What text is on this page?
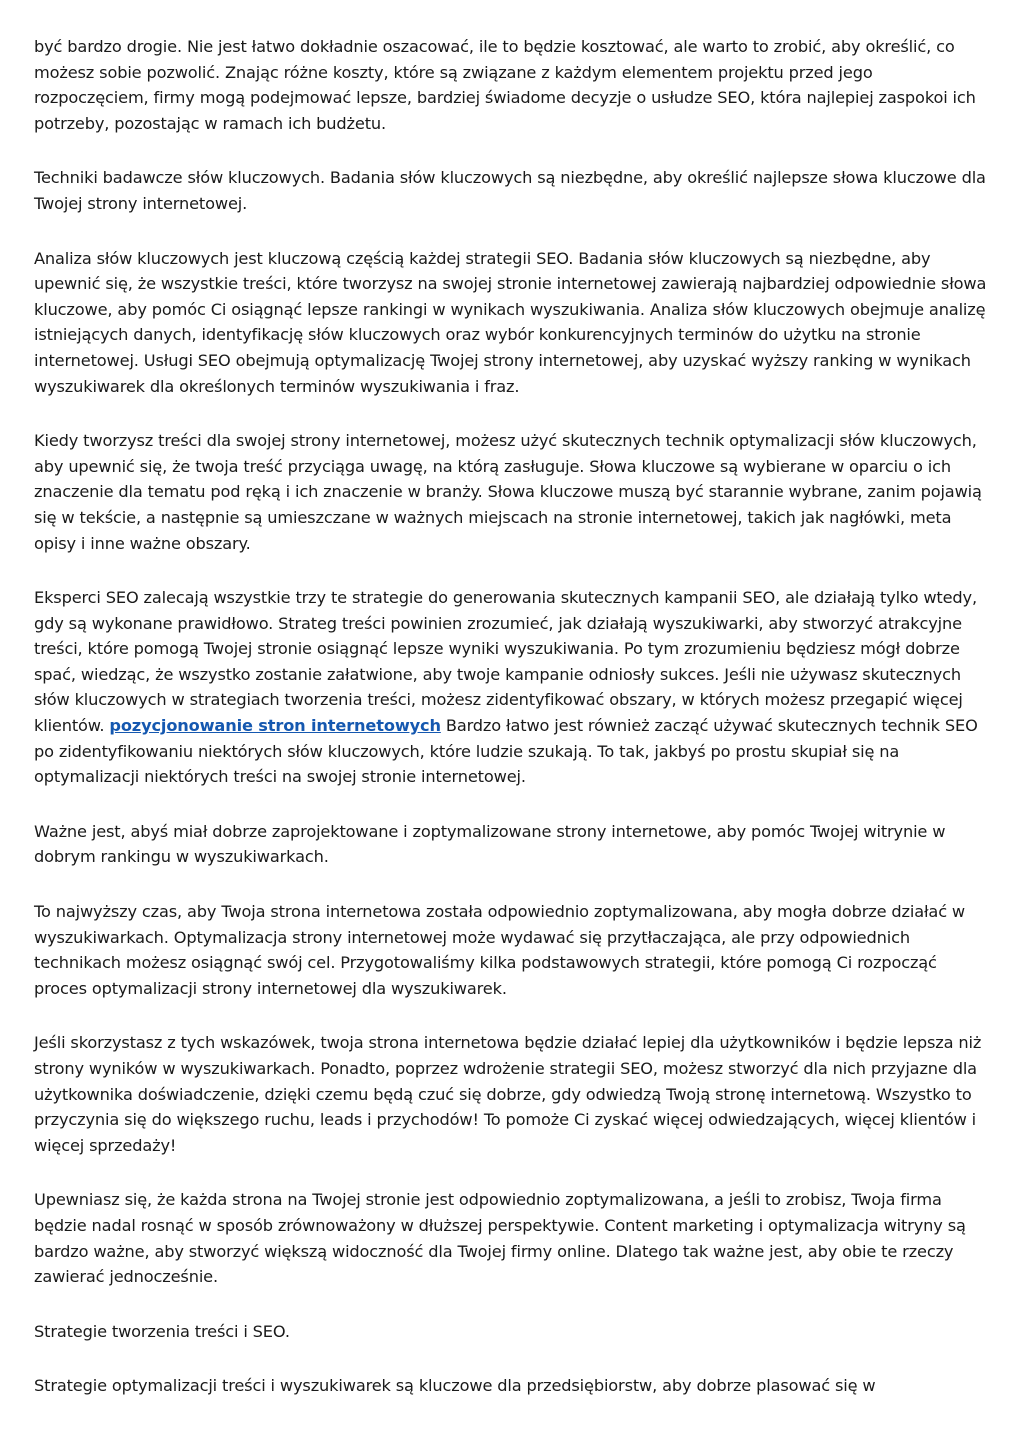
być bardzo drogie. Nie jest łatwo dokładnie oszacować, ile to będzie kosztować, ale warto to zrobić, aby określić, co możesz sobie pozwolić. Znając różne koszty, które są związane z każdym elementem projektu przed jego rozpoczęciem, firmy mogą podejmować lepsze, bardziej świadome decyzje o usłudze SEO, która najlepiej zaspokoi ich potrzeby, pozostając w ramach ich budżetu.

Techniki badawcze słów kluczowych. Badania słów kluczowych są niezbędne, aby określić najlepsze słowa kluczowe dla Twojej strony internetowej.

Analiza słów kluczowych jest kluczową częścią każdej strategii SEO. Badania słów kluczowych są niezbędne, aby upewnić się, że wszystkie treści, które tworzysz na swojej stronie internetowej zawierają najbardziej odpowiednie słowa kluczowe, aby pomóc Ci osiągnąć lepsze rankingi w wynikach wyszukiwania. Analiza słów kluczowych obejmuje analizę istniejących danych, identyfikację słów kluczowych oraz wybór konkurencyjnych terminów do użytku na stronie internetowej. Usługi SEO obejmują optymalizację Twojej strony internetowej, aby uzyskać wyższy ranking w wynikach wyszukiwarek dla określonych terminów wyszukiwania i fraz.

Kiedy tworzysz treści dla swojej strony internetowej, możesz użyć skutecznych technik optymalizacji słów kluczowych, aby upewnić się, że twoja treść przyciąga uwagę, na którą zasługuje. Słowa kluczowe są wybierane w oparciu o ich znaczenie dla tematu pod ręką i ich znaczenie w branży. Słowa kluczowe muszą być starannie wybrane, zanim pojawią się w tekście, a następnie są umieszczane w ważnych miejscach na stronie internetowej, takich jak nagłówki, meta opisy i inne ważne obszary.

Eksperci SEO zalecają wszystkie trzy te strategie do generowania skutecznych kampanii SEO, ale działają tylko wtedy, gdy są wykonane prawidłowo. Strateg treści powinien zrozumieć, jak działają wyszukiwarki, aby stworzyć atrakcyjne treści, które pomogą Twojej stronie osiągnąć lepsze wyniki wyszukiwania. Po tym zrozumieniu będziesz mógł dobrze spać, wiedząc, że wszystko zostanie załatwione, aby twoje kampanie odniosły sukces. Jeśli nie używasz skutecznych słów kluczowych w strategiach tworzenia treści, możesz zidentyfikować obszary, w których możesz przegapić więcej klientów. pozycjonowanie stron internetowych Bardzo łatwo jest również zacząć używać skutecznych technik SEO po zidentyfikowaniu niektórych słów kluczowych, które ludzie szukają. To tak, jakbyś po prostu skupiał się na optymalizacji niektórych treści na swojej stronie internetowej.

Ważne jest, abyś miał dobrze zaprojektowane i zoptymalizowane strony internetowe, aby pomóc Twojej witrynie w dobrym rankingu w wyszukiwarkach.

To najwyższy czas, aby Twoja strona internetowa została odpowiednio zoptymalizowana, aby mogła dobrze działać w wyszukiwarkach. Optymalizacja strony internetowej może wydawać się przytłaczająca, ale przy odpowiednich technikach możesz osiągnąć swój cel. Przygotowaliśmy kilka podstawowych strategii, które pomogą Ci rozpocząć proces optymalizacji strony internetowej dla wyszukiwarek.

Jeśli skorzystasz z tych wskazówek, twoja strona internetowa będzie działać lepiej dla użytkowników i będzie lepsza niż strony wyników w wyszukiwarkach. Ponadto, poprzez wdrożenie strategii SEO, możesz stworzyć dla nich przyjazne dla użytkownika doświadczenie, dzięki czemu będą czuć się dobrze, gdy odwiedzą Twoją stronę internetową. Wszystko to przyczynia się do większego ruchu, leads i przychodów! To pomoże Ci zyskać więcej odwiedzających, więcej klientów i więcej sprzedaży!

Upewniasz się, że każda strona na Twojej stronie jest odpowiednio zoptymalizowana, a jeśli to zrobisz, Twoja firma będzie nadal rosnąć w sposób zrównoważony w dłuższej perspektywie. Content marketing i optymalizacja witryny są bardzo ważne, aby stworzyć większą widoczność dla Twojej firmy online. Dlatego tak ważne jest, aby obie te rzeczy zawierać jednocześnie.

Strategie tworzenia treści i SEO.

Strategie optymalizacji treści i wyszukiwarek są kluczowe dla przedsiębiorstw, aby dobrze plasować się w
